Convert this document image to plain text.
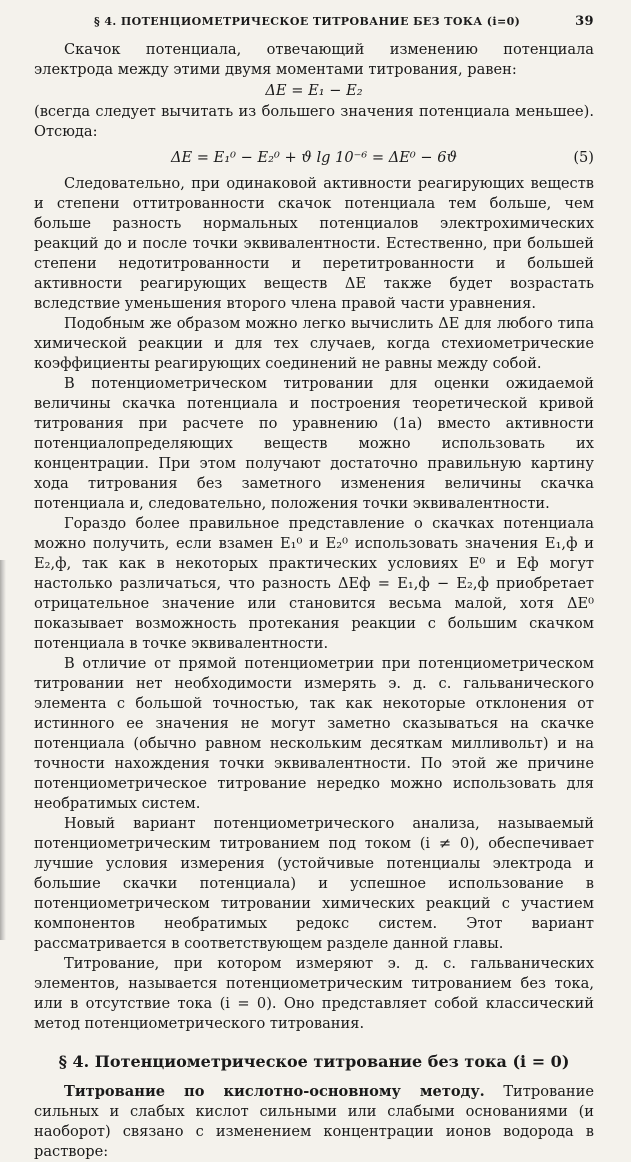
§ 4. ПОТЕНЦИОМЕТРИЧЕСКОЕ ТИТРОВАНИЕ БЕЗ ТОКА (i=0)	39

Скачок потенциала, отвечающий изменению потенциала электрода между этими двумя моментами титрования, равен:

ΔE = E₁ − E₂

(всегда следует вычитать из большего значения потенциала меньшее). Отсюда:

ΔE = E₁⁰ − E₂⁰ + ϑ lg 10⁻⁶ = ΔE⁰ − 6ϑ	(5)

Следовательно, при одинаковой активности реагирующих веществ и степени оттитрованности скачок потенциала тем больше, чем больше разность нормальных потенциалов электрохимических реакций до и после точки эквивалентности. Естественно, при большей степени недотитрованности и перетитрованности и большей активности реагирующих веществ ΔE также будет возрастать вследствие уменьшения второго члена правой части уравнения.

Подобным же образом можно легко вычислить ΔE для любого типа химической реакции и для тех случаев, когда стехиометрические коэффициенты реагирующих соединений не равны между собой.

В потенциометрическом титровании для оценки ожидаемой величины скачка потенциала и построения теоретической кривой титрования при расчете по уравнению (1а) вместо активности потенциалопределяющих веществ можно использовать их концентрации. При этом получают достаточно правильную картину хода титрования без заметного изменения величины скачка потенциала и, следовательно, положения точки эквивалентности.

Гораздо более правильное представление о скачках потенциала можно получить, если взамен E₁⁰ и E₂⁰ использовать значения E₁,ф и E₂,ф, так как в некоторых практических условиях E⁰ и Eф могут настолько различаться, что разность ΔEф = E₁,ф − E₂,ф приобретает отрицательное значение или становится весьма малой, хотя ΔE⁰ показывает возможность протекания реакции с большим скачком потенциала в точке эквивалентности.

В отличие от прямой потенциометрии при потенциометрическом титровании нет необходимости измерять э. д. с. гальванического элемента с большой точностью, так как некоторые отклонения от истинного ее значения не могут заметно сказываться на скачке потенциала (обычно равном нескольким десяткам милливольт) и на точности нахождения точки эквивалентности. По этой же причине потенциометрическое титрование нередко можно использовать для необратимых систем.

Новый вариант потенциометрического анализа, называемый потенциометрическим титрованием под током (i ≠ 0), обеспечивает лучшие условия измерения (устойчивые потенциалы электрода и большие скачки потенциала) и успешное использование в потенциометрическом титровании химических реакций с участием компонентов необратимых редокс систем. Этот вариант рассматривается в соответствующем разделе данной главы.

Титрование, при котором измеряют э. д. с. гальванических элементов, называется потенциометрическим титрованием без тока, или в отсутствие тока (i = 0). Оно представляет собой классический метод потенциометрического титрования.

§ 4. Потенциометрическое титрование без тока (i = 0)

Титрование по кислотно-основному методу. Титрование сильных и слабых кислот сильными или слабыми основаниями (и наоборот) связано с изменением концентрации ионов водорода в растворе:
